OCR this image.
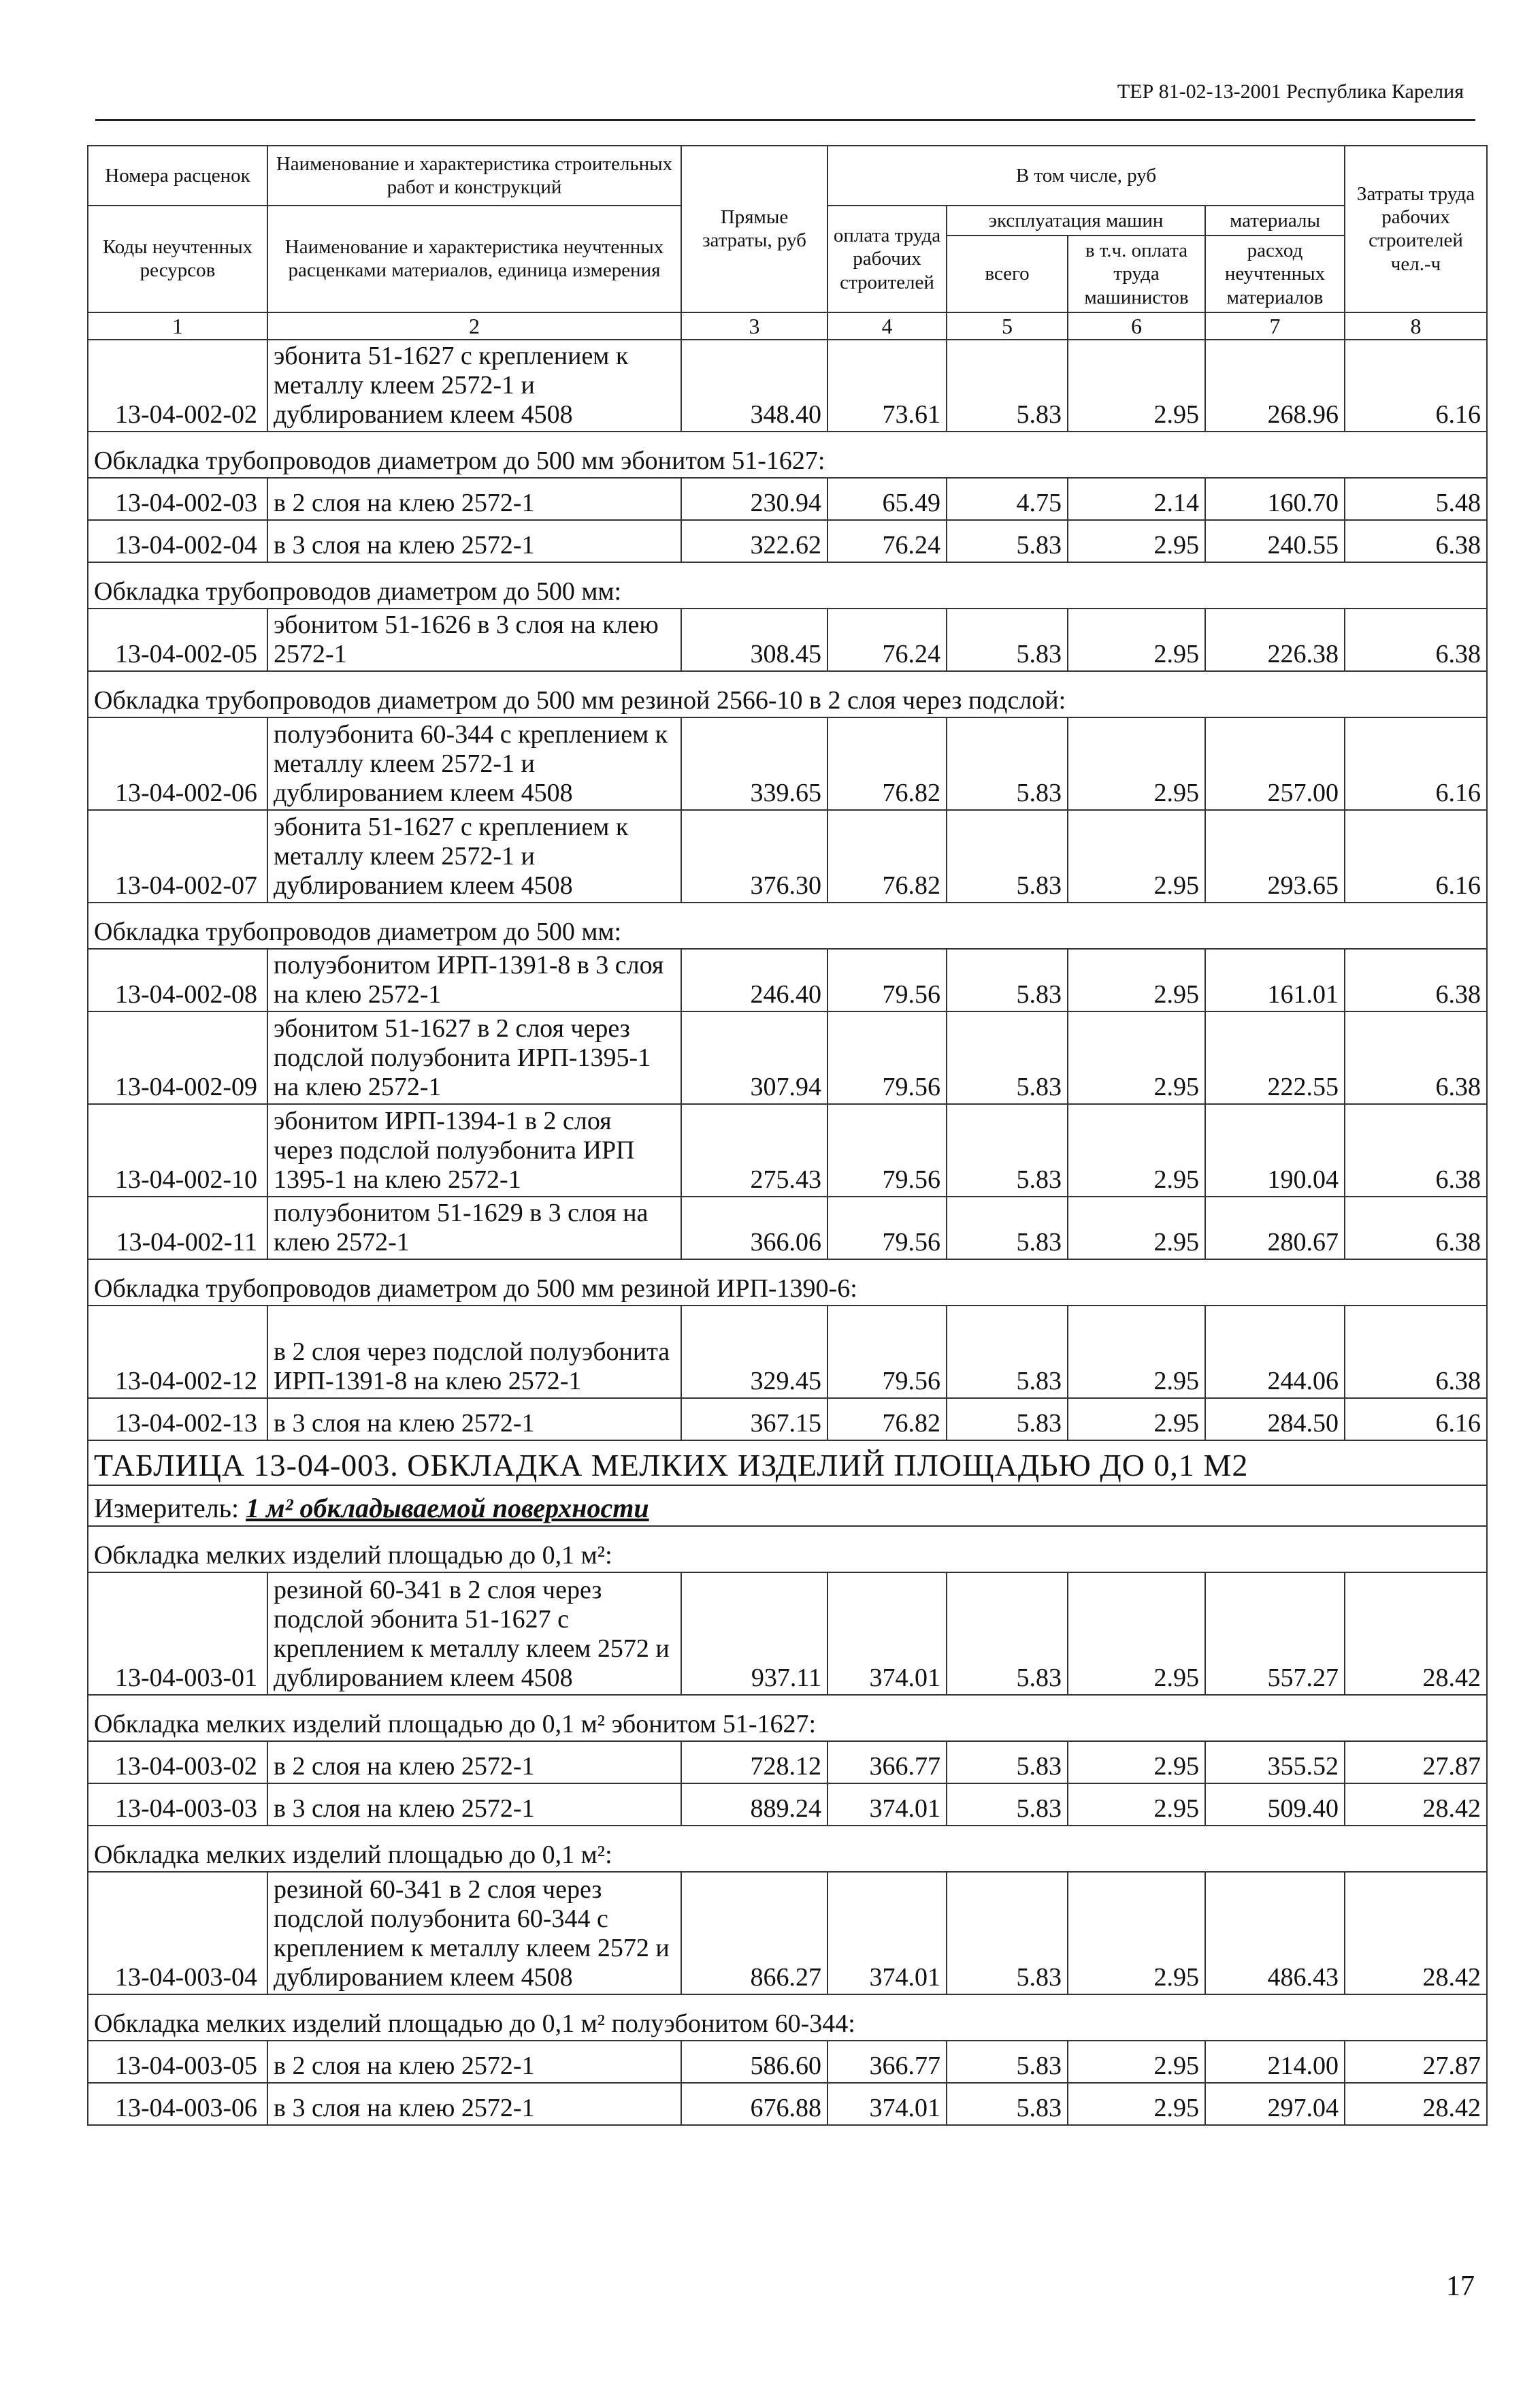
ТЕР 81-02-13-2001 Республика Карелия
Номера расценок	Наименование и характеристика строительных работ и конструкций	Прямые затраты, руб	В том числе, руб				Затраты труда рабочих строителей чел.-ч
Коды неучтенных ресурсов	Наименование и характеристика неучтенных расценками материалов, единица измерения		оплата труда рабочих строителей	эксплуатация машин		материалы	
				всего	в т.ч. оплата труда машинистов	расход неучтенных материалов	
1	2	3	4	5	6	7	8
13-04-002-02	эбонита 51-1627 с креплением к металлу клеем 2572-1 и дублированием клеем 4508	348.40	73.61	5.83	2.95	268.96	6.16
Обкладка трубопроводов диаметром до 500 мм эбонитом 51-1627:							
13-04-002-03	в 2 слоя на клею 2572-1	230.94	65.49	4.75	2.14	160.70	5.48
13-04-002-04	в 3 слоя на клею 2572-1	322.62	76.24	5.83	2.95	240.55	6.38
Обкладка трубопроводов диаметром до 500 мм:							
13-04-002-05	эбонитом 51-1626 в 3 слоя на клею 2572-1	308.45	76.24	5.83	2.95	226.38	6.38
Обкладка трубопроводов диаметром до 500 мм резиной 2566-10 в 2 слоя через подслой:							
13-04-002-06	полуэбонита 60-344 с креплением к металлу клеем 2572-1 и дублированием клеем 4508	339.65	76.82	5.83	2.95	257.00	6.16
13-04-002-07	эбонита 51-1627 с креплением к металлу клеем 2572-1 и дублированием клеем 4508	376.30	76.82	5.83	2.95	293.65	6.16
Обкладка трубопроводов диаметром до 500 мм:							
13-04-002-08	полуэбонитом ИРП-1391-8 в 3 слоя на клею 2572-1	246.40	79.56	5.83	2.95	161.01	6.38
13-04-002-09	эбонитом 51-1627 в 2 слоя через подслой полуэбонита ИРП-1395-1 на клею 2572-1	307.94	79.56	5.83	2.95	222.55	6.38
13-04-002-10	эбонитом ИРП-1394-1 в 2 слоя через подслой полуэбонита ИРП 1395-1 на клею 2572-1	275.43	79.56	5.83	2.95	190.04	6.38
13-04-002-11	полуэбонитом 51-1629 в 3 слоя на клею 2572-1	366.06	79.56	5.83	2.95	280.67	6.38
Обкладка трубопроводов диаметром до 500 мм резиной ИРП-1390-6:							
13-04-002-12	в 2 слоя через подслой полуэбонита ИРП-1391-8 на клею 2572-1	329.45	79.56	5.83	2.95	244.06	6.38
13-04-002-13	в 3 слоя на клею 2572-1	367.15	76.82	5.83	2.95	284.50	6.16
ТАБЛИЦА 13-04-003. ОБКЛАДКА МЕЛКИХ ИЗДЕЛИЙ ПЛОЩАДЬЮ ДО 0,1 М2							
Измеритель: 1 м² обкладываемой поверхности							
Обкладка мелких изделий площадью до 0,1 м²:							
13-04-003-01	резиной 60-341 в 2 слоя через подслой эбонита 51-1627 с креплением к металлу клеем 2572 и дублированием клеем 4508	937.11	374.01	5.83	2.95	557.27	28.42
Обкладка мелких изделий площадью до 0,1 м² эбонитом 51-1627:							
13-04-003-02	в 2 слоя на клею 2572-1	728.12	366.77	5.83	2.95	355.52	27.87
13-04-003-03	в 3 слоя на клею 2572-1	889.24	374.01	5.83	2.95	509.40	28.42
Обкладка мелких изделий площадью до 0,1 м²:							
13-04-003-04	резиной 60-341 в 2 слоя через подслой полуэбонита 60-344 с креплением к металлу клеем 2572 и дублированием клеем 4508	866.27	374.01	5.83	2.95	486.43	28.42
Обкладка мелких изделий площадью до 0,1 м² полуэбонитом 60-344:							
13-04-003-05	в 2 слоя на клею 2572-1	586.60	366.77	5.83	2.95	214.00	27.87
13-04-003-06	в 3 слоя на клею 2572-1	676.88	374.01	5.83	2.95	297.04	28.42
17
